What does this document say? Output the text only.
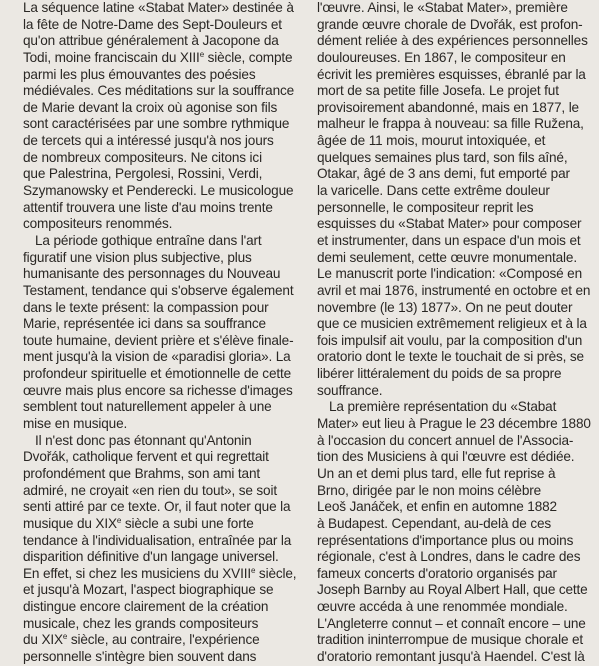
La séquence latine «Stabat Mater» destinée à
la fête de Notre-Dame des Sept-Douleurs et
qu'on attribue généralement à Jacopone da
Todi, moine franciscain du XIIIe siècle, compte
parmi les plus émouvantes des poésies
médiévales. Ces méditations sur la souffrance
de Marie devant la croix où agonise son fils
sont caractérisées par une sombre rythmique
de tercets qui a intéressé jusqu'à nos jours
de nombreux compositeurs. Ne citons ici
que Palestrina, Pergolesi, Rossini, Verdi,
Szymanowsky et Penderecki. Le musicologue
attentif trouvera une liste d'au moins trente
compositeurs renommés.
La période gothique entraîne dans l'art
figuratif une vision plus subjective, plus
humanisante des personnages du Nouveau
Testament, tendance qui s'observe également
dans le texte présent: la compassion pour
Marie, représentée ici dans sa souffrance
toute humaine, devient prière et s'élève finale-
ment jusqu'à la vision de «paradisi gloria». La
profondeur spirituelle et émotionnelle de cette
œuvre mais plus encore sa richesse d'images
semblent tout naturellement appeler à une
mise en musique.
Il n'est donc pas étonnant qu'Antonin
Dvořák, catholique fervent et qui regrettait
profondément que Brahms, son ami tant
admiré, ne croyait «en rien du tout», se soit
senti attiré par ce texte. Or, il faut noter que la
musique du XIXe siècle a subi une forte
tendance à l'individualisation, entraînée par la
disparition définitive d'un langage universel.
En effet, si chez les musiciens du XVIIIe siècle,
et jusqu'à Mozart, l'aspect biographique se
distingue encore clairement de la création
musicale, chez les grands compositeurs
du XIXe siècle, au contraire, l'expérience
personnelle s'intègre bien souvent dans
l'œuvre. Ainsi, le «Stabat Mater», première
grande œuvre chorale de Dvořák, est profon-
dément reliée à des expériences personnelles
douloureuses. En 1867, le compositeur en
écrivit les premières esquisses, ébranlé par la
mort de sa petite fille Josefa. Le projet fut
provisoirement abandonné, mais en 1877, le
malheur le frappa à nouveau: sa fille Ružena,
âgée de 11 mois, mourut intoxiquée, et
quelques semaines plus tard, son fils aîné,
Otakar, âgé de 3 ans demi, fut emporté par
la varicelle. Dans cette extrême douleur
personnelle, le compositeur reprit les
esquisses du «Stabat Mater» pour composer
et instrumenter, dans un espace d'un mois et
demi seulement, cette œuvre monumentale.
Le manuscrit porte l'indication: «Composé en
avril et mai 1876, instrumenté en octobre et en
novembre (le 13) 1877». On ne peut douter
que ce musicien extrêmement religieux et à la
fois impulsif ait voulu, par la composition d'un
oratorio dont le texte le touchait de si près, se
libérer littéralement du poids de sa propre
souffrance.
La première représentation du «Stabat
Mater» eut lieu à Prague le 23 décembre 1880
à l'occasion du concert annuel de l'Associa-
tion des Musiciens à qui l'œuvre est dédiée.
Un an et demi plus tard, elle fut reprise à
Brno, dirigée par le non moins célèbre
Leoš Janáček, et enfin en automne 1882
à Budapest. Cependant, au-delà de ces
représentations d'importance plus ou moins
régionale, c'est à Londres, dans le cadre des
fameux concerts d'oratorio organisés par
Joseph Barnby au Royal Albert Hall, que cette
œuvre accéda à une renommée mondiale.
L'Angleterre connut – et connaît encore – une
tradition ininterrompue de musique chorale et
d'oratorio remontant jusqu'à Haendel. C'est là
